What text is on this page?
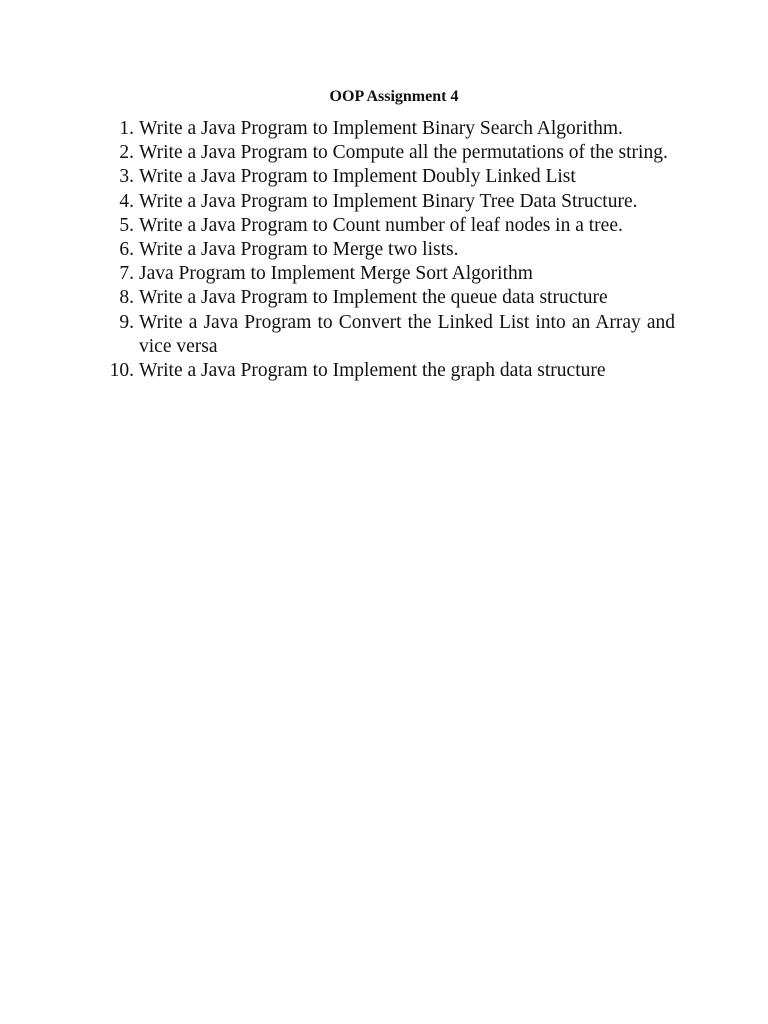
OOP Assignment 4
1. Write a Java Program to Implement Binary Search Algorithm.
2. Write a Java Program to Compute all the permutations of the string.
3. Write a Java Program to Implement Doubly Linked List
4. Write a Java Program to Implement Binary Tree Data Structure.
5. Write a Java Program to Count number of leaf nodes in a tree.
6. Write a Java Program to Merge two lists.
7. Java Program to Implement Merge Sort Algorithm
8. Write a Java Program to Implement the queue data structure
9. Write a Java Program to Convert the Linked List into an Array and vice versa
10. Write a Java Program to Implement the graph data structure
